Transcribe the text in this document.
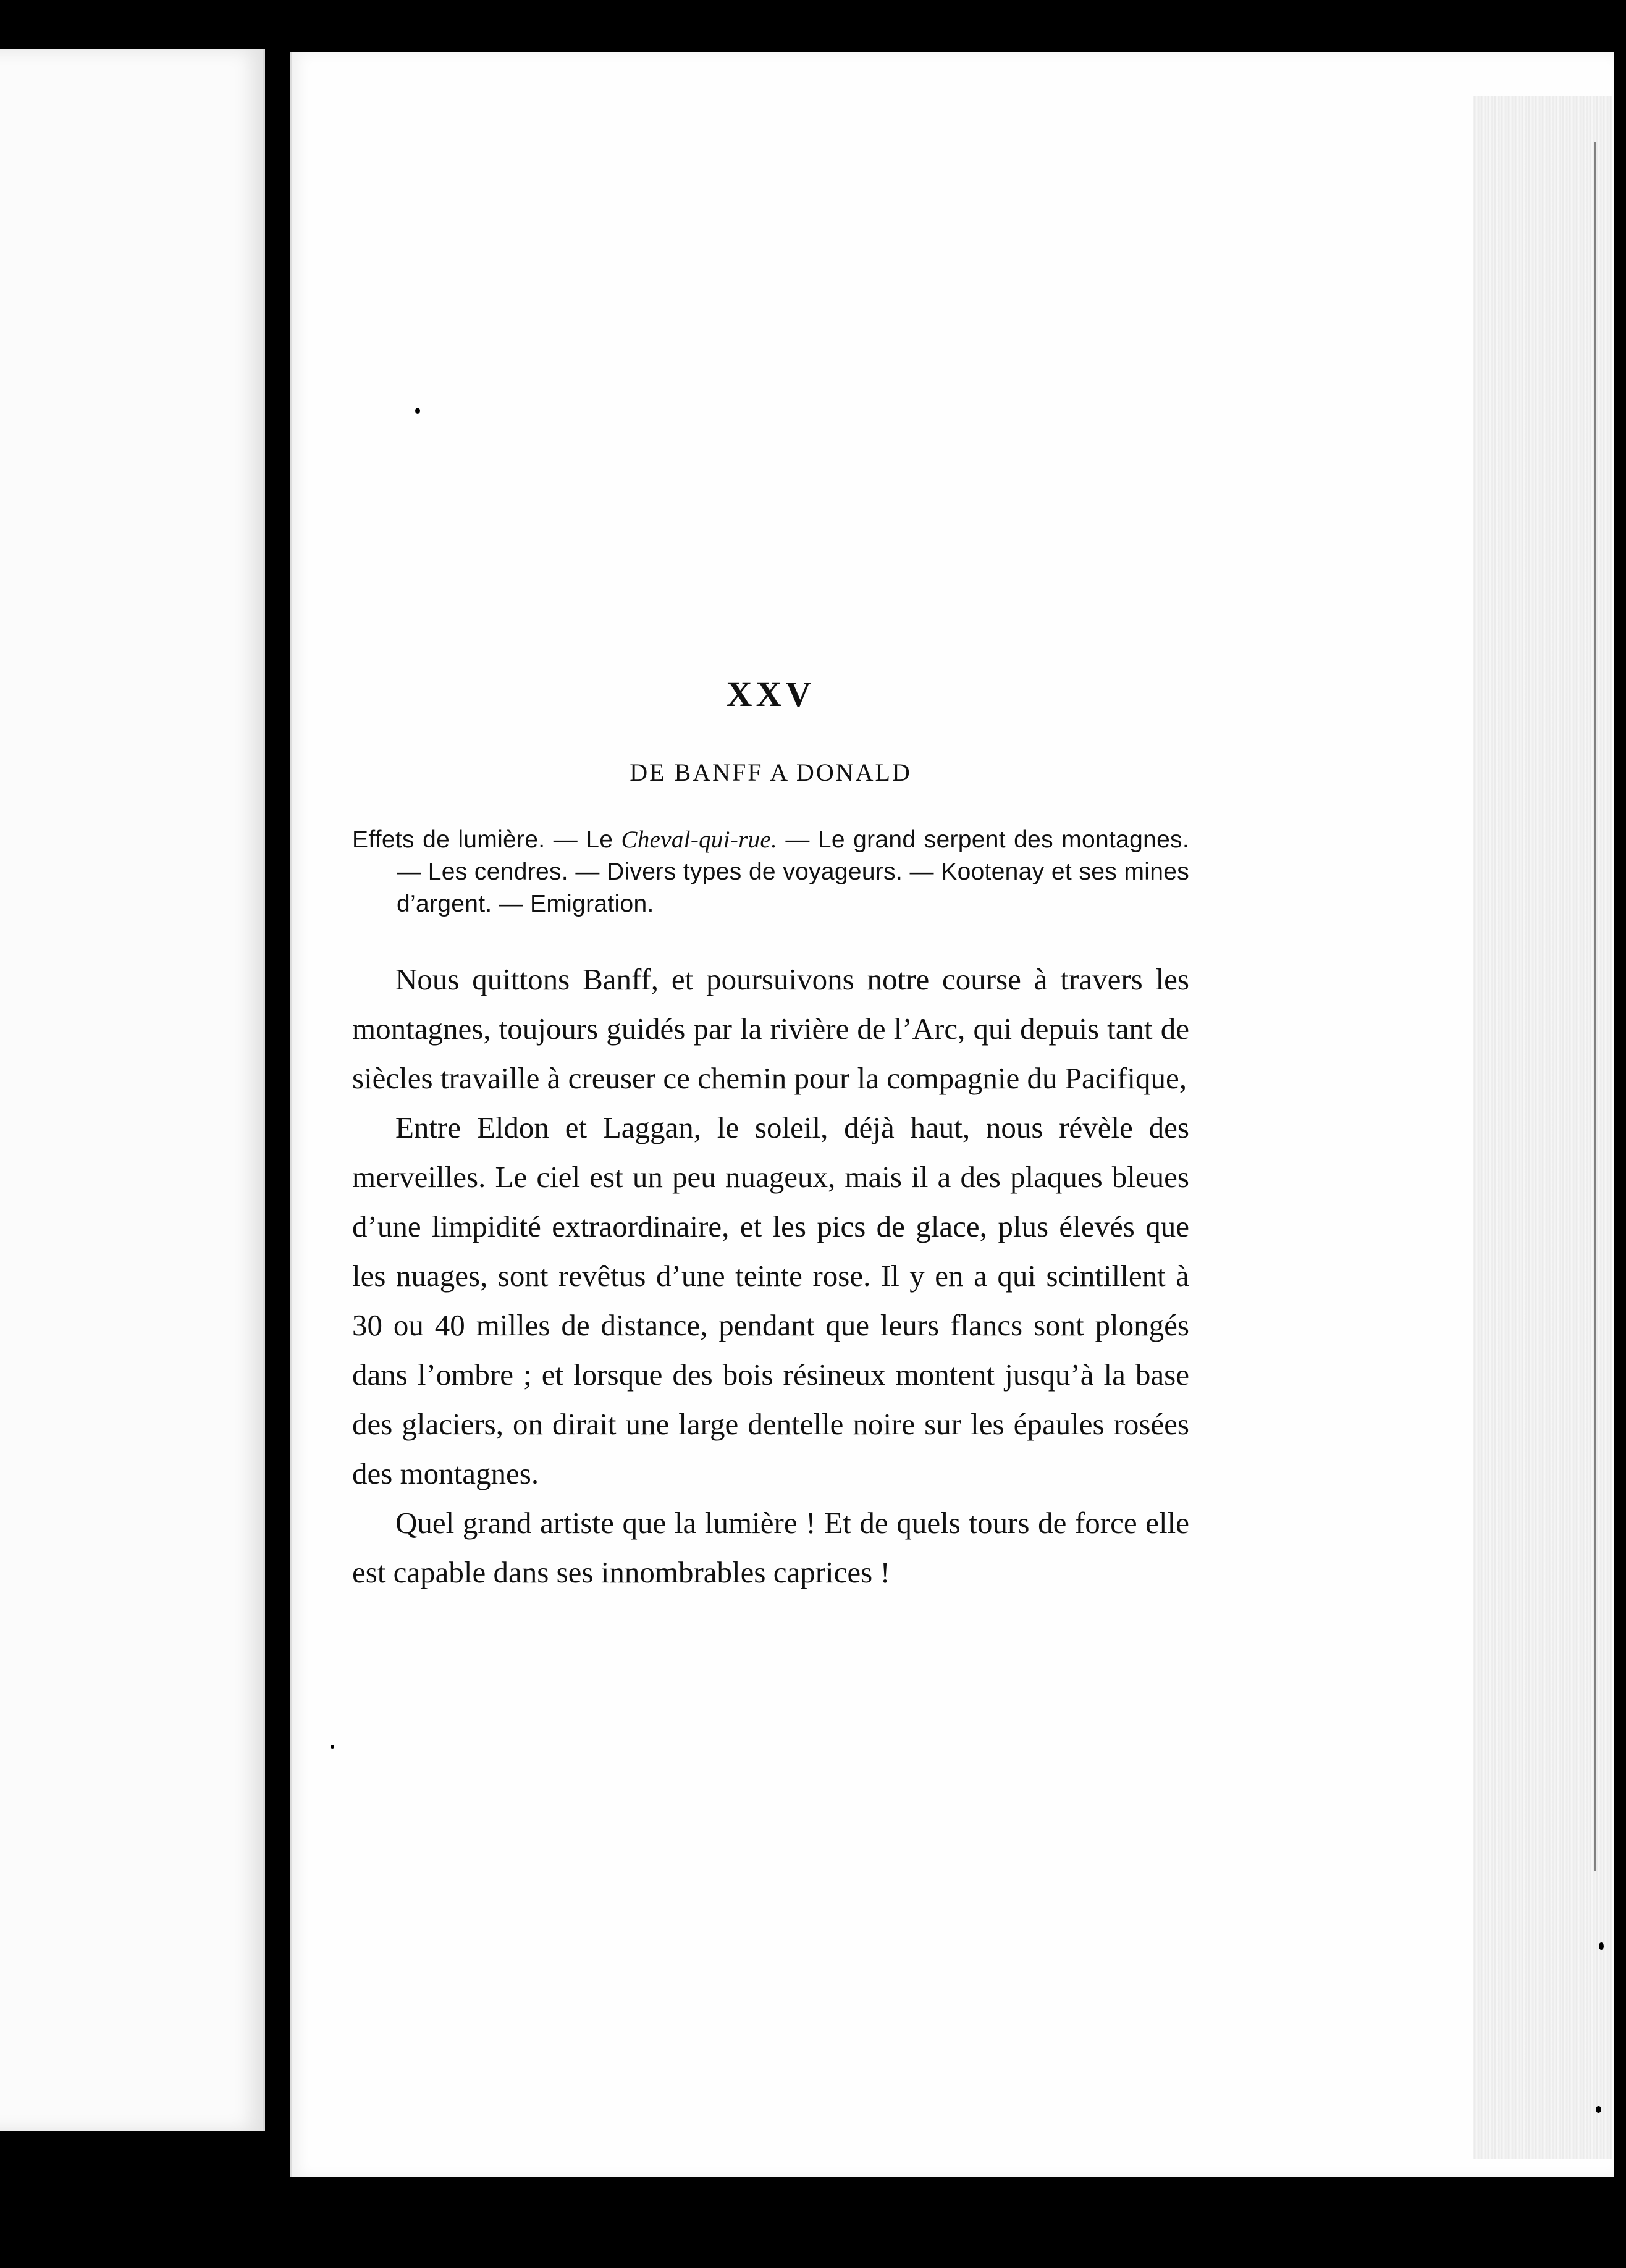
XXV
DE BANFF A DONALD

Effets de lumière. — Le Cheval-qui-rue. — Le grand serpent des montagnes. — Les cendres. — Divers types de voyageurs. — Kootenay et ses mines d’argent. — Emigration.

Nous quittons Banff, et poursuivons notre course à travers les montagnes, toujours guidés par la rivière de l’Arc, qui depuis tant de siècles travaille à creuser ce chemin pour la compagnie du Pacifique,

Entre Eldon et Laggan, le soleil, déjà haut, nous révèle des merveilles. Le ciel est un peu nuageux, mais il a des plaques bleues d’une limpidité extraordinaire, et les pics de glace, plus élevés que les nuages, sont revêtus d’une teinte rose. Il y en a qui scintillent à 30 ou 40 milles de distance, pendant que leurs flancs sont plongés dans l’ombre ; et lorsque des bois résineux montent jusqu’à la base des glaciers, on dirait une large dentelle noire sur les épaules rosées des montagnes.

Quel grand artiste que la lumière ! Et de quels tours de force elle est capable dans ses innombrables caprices !
